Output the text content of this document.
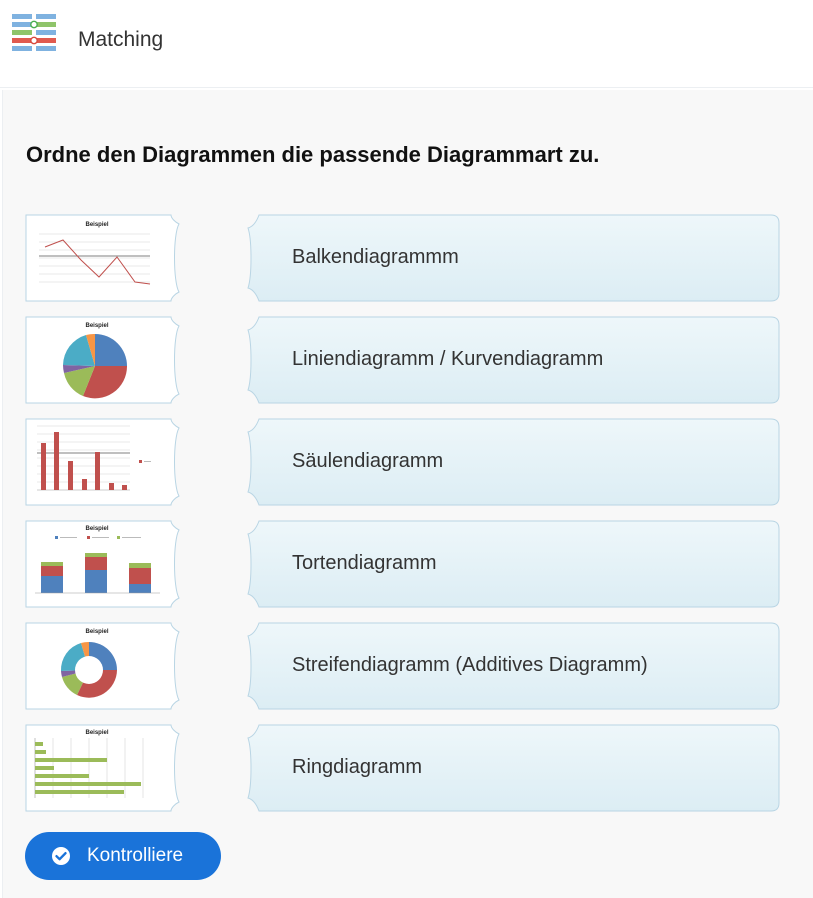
Matching
Ordne den Diagrammen die passende Diagrammart zu.
Beispiel
Balkendiagrammm
Beispiel
Liniendiagramm / Kurvendiagramm
Säulendiagramm
Beispiel
Tortendiagramm
Beispiel
Streifendiagramm (Additives Diagramm)
Beispiel
Ringdiagramm
Kontrolliere
